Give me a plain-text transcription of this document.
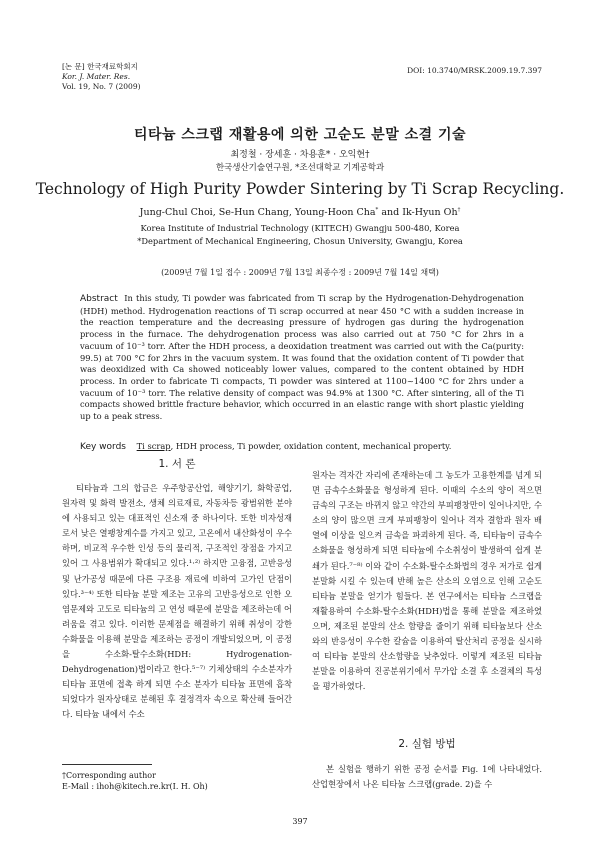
[논 문] 한국재료학회지
Kor. J. Mater. Res.
Vol. 19, No. 7 (2009)
DOI: 10.3740/MRSK.2009.19.7.397
티타늄 스크랩 재활용에 의한 고순도 분말 소결 기술
최정철 · 장세훈 · 차용훈* · 오익현†
한국생산기술연구원, *조선대학교 기계공학과
Technology of High Purity Powder Sintering by Ti Scrap Recycling.
Jung-Chul Choi, Se-Hun Chang, Young-Hoon Cha* and Ik-Hyun Oh†
Korea Institute of Industrial Technology (KITECH) Gwangju 500-480, Korea
*Department of Mechanical Engineering, Chosun University, Gwangju, Korea
(2009년 7월 1일 접수 : 2009년 7월 13일 최종수정 : 2009년 7월 14일 채택)
Abstract In this study, Ti powder was fabricated from Ti scrap by the Hydrogenation-Dehydrogenation (HDH) method. Hydrogenation reactions of Ti scrap occurred at near 450 °C with a sudden increase in the reaction temperature and the decreasing pressure of hydrogen gas during the hydrogenation process in the furnace. The dehydrogenation process was also carried out at 750 °C for 2hrs in a vacuum of 10⁻³ torr. After the HDH process, a deoxidation treatment was carried out with the Ca(purity: 99.5) at 700 °C for 2hrs in the vacuum system. It was found that the oxidation content of Ti powder that was deoxidized with Ca showed noticeably lower values, compared to the content obtained by HDH process. In order to fabricate Ti compacts, Ti powder was sintered at 1100~1400 °C for 2hrs under a vacuum of 10⁻³ torr. The relative density of compact was 94.9% at 1300 °C. After sintering, all of the Ti compacts showed brittle fracture behavior, which occurred in an elastic range with short plastic yielding up to a peak stress.
Key words Ti scrap, HDH process, Ti powder, oxidation content, mechanical property.
1. 서 론
티타늄과 그의 합금은 우주항공산업, 해양기기, 화학공업, 원자력 및 화력 발전소, 생체 의료재료, 자동차등 광범위한 분야에 사용되고 있는 대표적인 신소재 중 하나이다. 또한 비자성재로서 낮은 열팽창계수를 가지고 있고, 고온에서 내산화성이 우수하며, 비교적 우수한 인성 등의 물리적, 구조적인 장점을 가지고 있어 그 사용범위가 확대되고 있다.¹·²⁾ 하지만 고융점, 고반응성 및 난가공성 때문에 다른 구조용 재료에 비하여 고가인 단점이 있다.³⁻⁴⁾ 또한 티타늄 분말 제조는 고유의 고반응성으로 인한 오염문제와 고도로 티타늄의 고 연성 때문에 분말을 제조하는데 어려움을 겪고 있다. 이러한 문제점을 해결하기 위해 취성이 강한 수화물을 이용해 분말을 제조하는 공정이 개발되었으며, 이 공정을 수소화-탈수소화(HDH: Hydrogenation-Dehydrogenation)법이라고 한다.⁵⁻⁷⁾ 기체상태의 수소분자가 티타늄 표면에 접촉 하게 되면 수소 분자가 티타늄 표면에 흡착되었다가 원자상태로 분해된 후 결정격자 속으로 확산해 들어간다. 티타늄 내에서 수소
원자는 격자간 자리에 존재하는데 그 농도가 고용한계를 넘게 되면 금속수소화물을 형성하게 된다. 이때의 수소의 양이 적으면 금속의 구조는 바뀌지 않고 약간의 부피팽창만이 일어나지만, 수소의 양이 많으면 크게 부피팽창이 일어나 격자 결함과 원자 배열에 이상을 일으켜 금속을 파괴하게 된다. 즉, 티타늄이 금속수소화물을 형성하게 되면 티타늄에 수소취성이 발생하여 쉽게 분쇄가 된다.⁷⁻⁸⁾ 이와 같이 수소화-탈수소화법의 경우 저가로 쉽게 분말화 시킬 수 있는데 반해 높은 산소의 오염으로 인해 고순도 티타늄 분말을 얻기가 힘들다. 본 연구에서는 티타늄 스크랩을 재활용하여 수소화-탈수소화(HDH)법을 통해 분말을 제조하였으며, 제조된 분말의 산소 함량을 줄이기 위해 티타늄보다 산소와의 반응성이 우수한 칼슘을 이용하여 탈산처리 공정을 실시하여 티타늄 분말의 산소함량을 낮추었다. 이렇게 제조된 티타늄 분말을 이용하여 진공분위기에서 무가압 소결 후 소결체의 특성을 평가하였다.
2. 실험 방법
본 실험을 행하기 위한 공정 순서를 Fig. 1에 나타내었다. 산업현장에서 나온 티타늄 스크랩(grade. 2)을 수
†Corresponding author
E-Mail : ihoh@kitech.re.kr(I. H. Oh)
397
